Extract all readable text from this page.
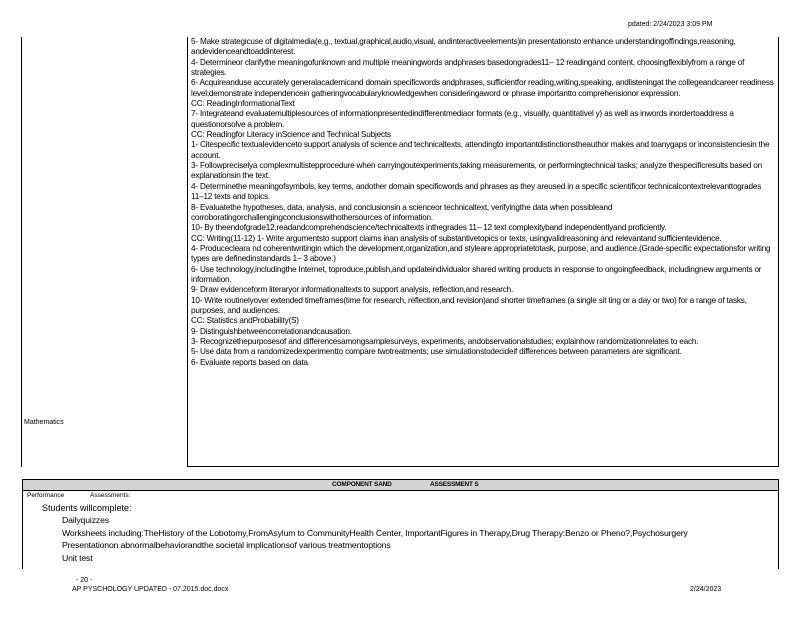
pdated: 2/24/2023 3:09 PM
Mathematics

5- Make strategicuse of digitalmedia(e.g., textual,graphical,audio,visual, andinteractiveelements)in presentationsto enhance understandingoffindings,reasoning, andevidenceandtoaddinterest.

4- Determineor clarifythe meaningofunknown and multiple meaningwords andphrases basedongrades11– 12 readingand content, choosingflexiblyfrom a range of strategies.

6- Acquireanduse accurately generalacademicand domain specificwords andphrases, sufficientfor reading,writing,speaking, andlisteningat the collegeandcareer readiness level;demonstrate independencein gatheringvocabularyknowledgewhen consideringaword or phrase importantto comprehensionor expression.

CC: ReadingInformationalText

7- Integrateand evaluatemultiplesources of informationpresentedindifferentmediaor formats (e.g., visually, quantitativel y) as well as inwords inordertoaddress a questionorsolve a problem.

CC: Readingfor Literacy inScience and Technical Subjects

1- Citespecific textualevidenceto support analysis of science and technicaltexts, attendingto importantdistinctionstheauthor makes and toanygaps or inconsistenciesin the account.

3- Followpreciselya complexmultistepprocedure when carryingoutexperiments,taking measurements, or performingtechnical tasks; analyze thespecificresults based on explanationsin the text.

4- Determinethe meaningofsymbols, key terms, andother domain specificwords and phrases as they areused in a specific scientificor technicalcontextrelevanttogrades 11–12 texts and topics.

8- Evaluatethe hypotheses, data, analysis, and conclusionsin a scienceor technicaltext, verifyingthe data when possibleand corroboratingorchallengingconclusionswithothersources of information.

10- By theendofgrade12,readandcomprehendscience/technicaltexts inthegrades 11– 12 text complexityband independentlyand proficiently.

CC: Writing(11-12) 1- Write argumentsto support claims inan analysis of substantivetopics or texts, usingvalidreasoning and relevantand sufficientevidence.

4- Producecleara nd coherentwritingin which the development,organization,and styleare appropriatetotask, purpose, and audience.(Grade-specific expectationsfor writing types are definedinstandards 1– 3 above.)

6- Use technology,includingthe Internet, toproduce,publish,and updateindividualor shared writing products in response to ongoingfeedback, includingnew arguments or information.

9- Draw evidenceform literaryor informationaltexts to support analysis, reflection,and research.

10- Write routinelyover extended timeframes(time for research, reflection,and revision)and shorter timeframes (a single sit ting or a day or two) for a range of tasks, purposes, and audiences.

CC: Statistics andProbability(S)

9- Distinguishbetweencorrelationandcausation.

3- Recognizethepurposesof and differencesamongsamplesurveys, experiments, andobservationalstudies; explainhow randomizationrelates to each.

5- Use data from a randomizedexperimentto compare twotreatments; use simulationstodecideif differences between parameters are significant.

6- Evaluate reports based on data.

COMPONENT SAND	ASSESSMENT S
Performance	Assessments:
Students willcomplete:
Dailyquizzes
Worksheets including:TheHistory of the Lobotomy,FromAsylum to CommunityHealth Center, ImportantFigures in Therapy,Drug Therapy:Benzo or Pheno?,Psychosurgery
Presentationon abnormalbehaviorandthe societal implicationsof various treatmentoptions
Unit test
- 20 -
AP PYSCHOLOGY UPDATED - 07.2015.doc.docx	2/24/2023
